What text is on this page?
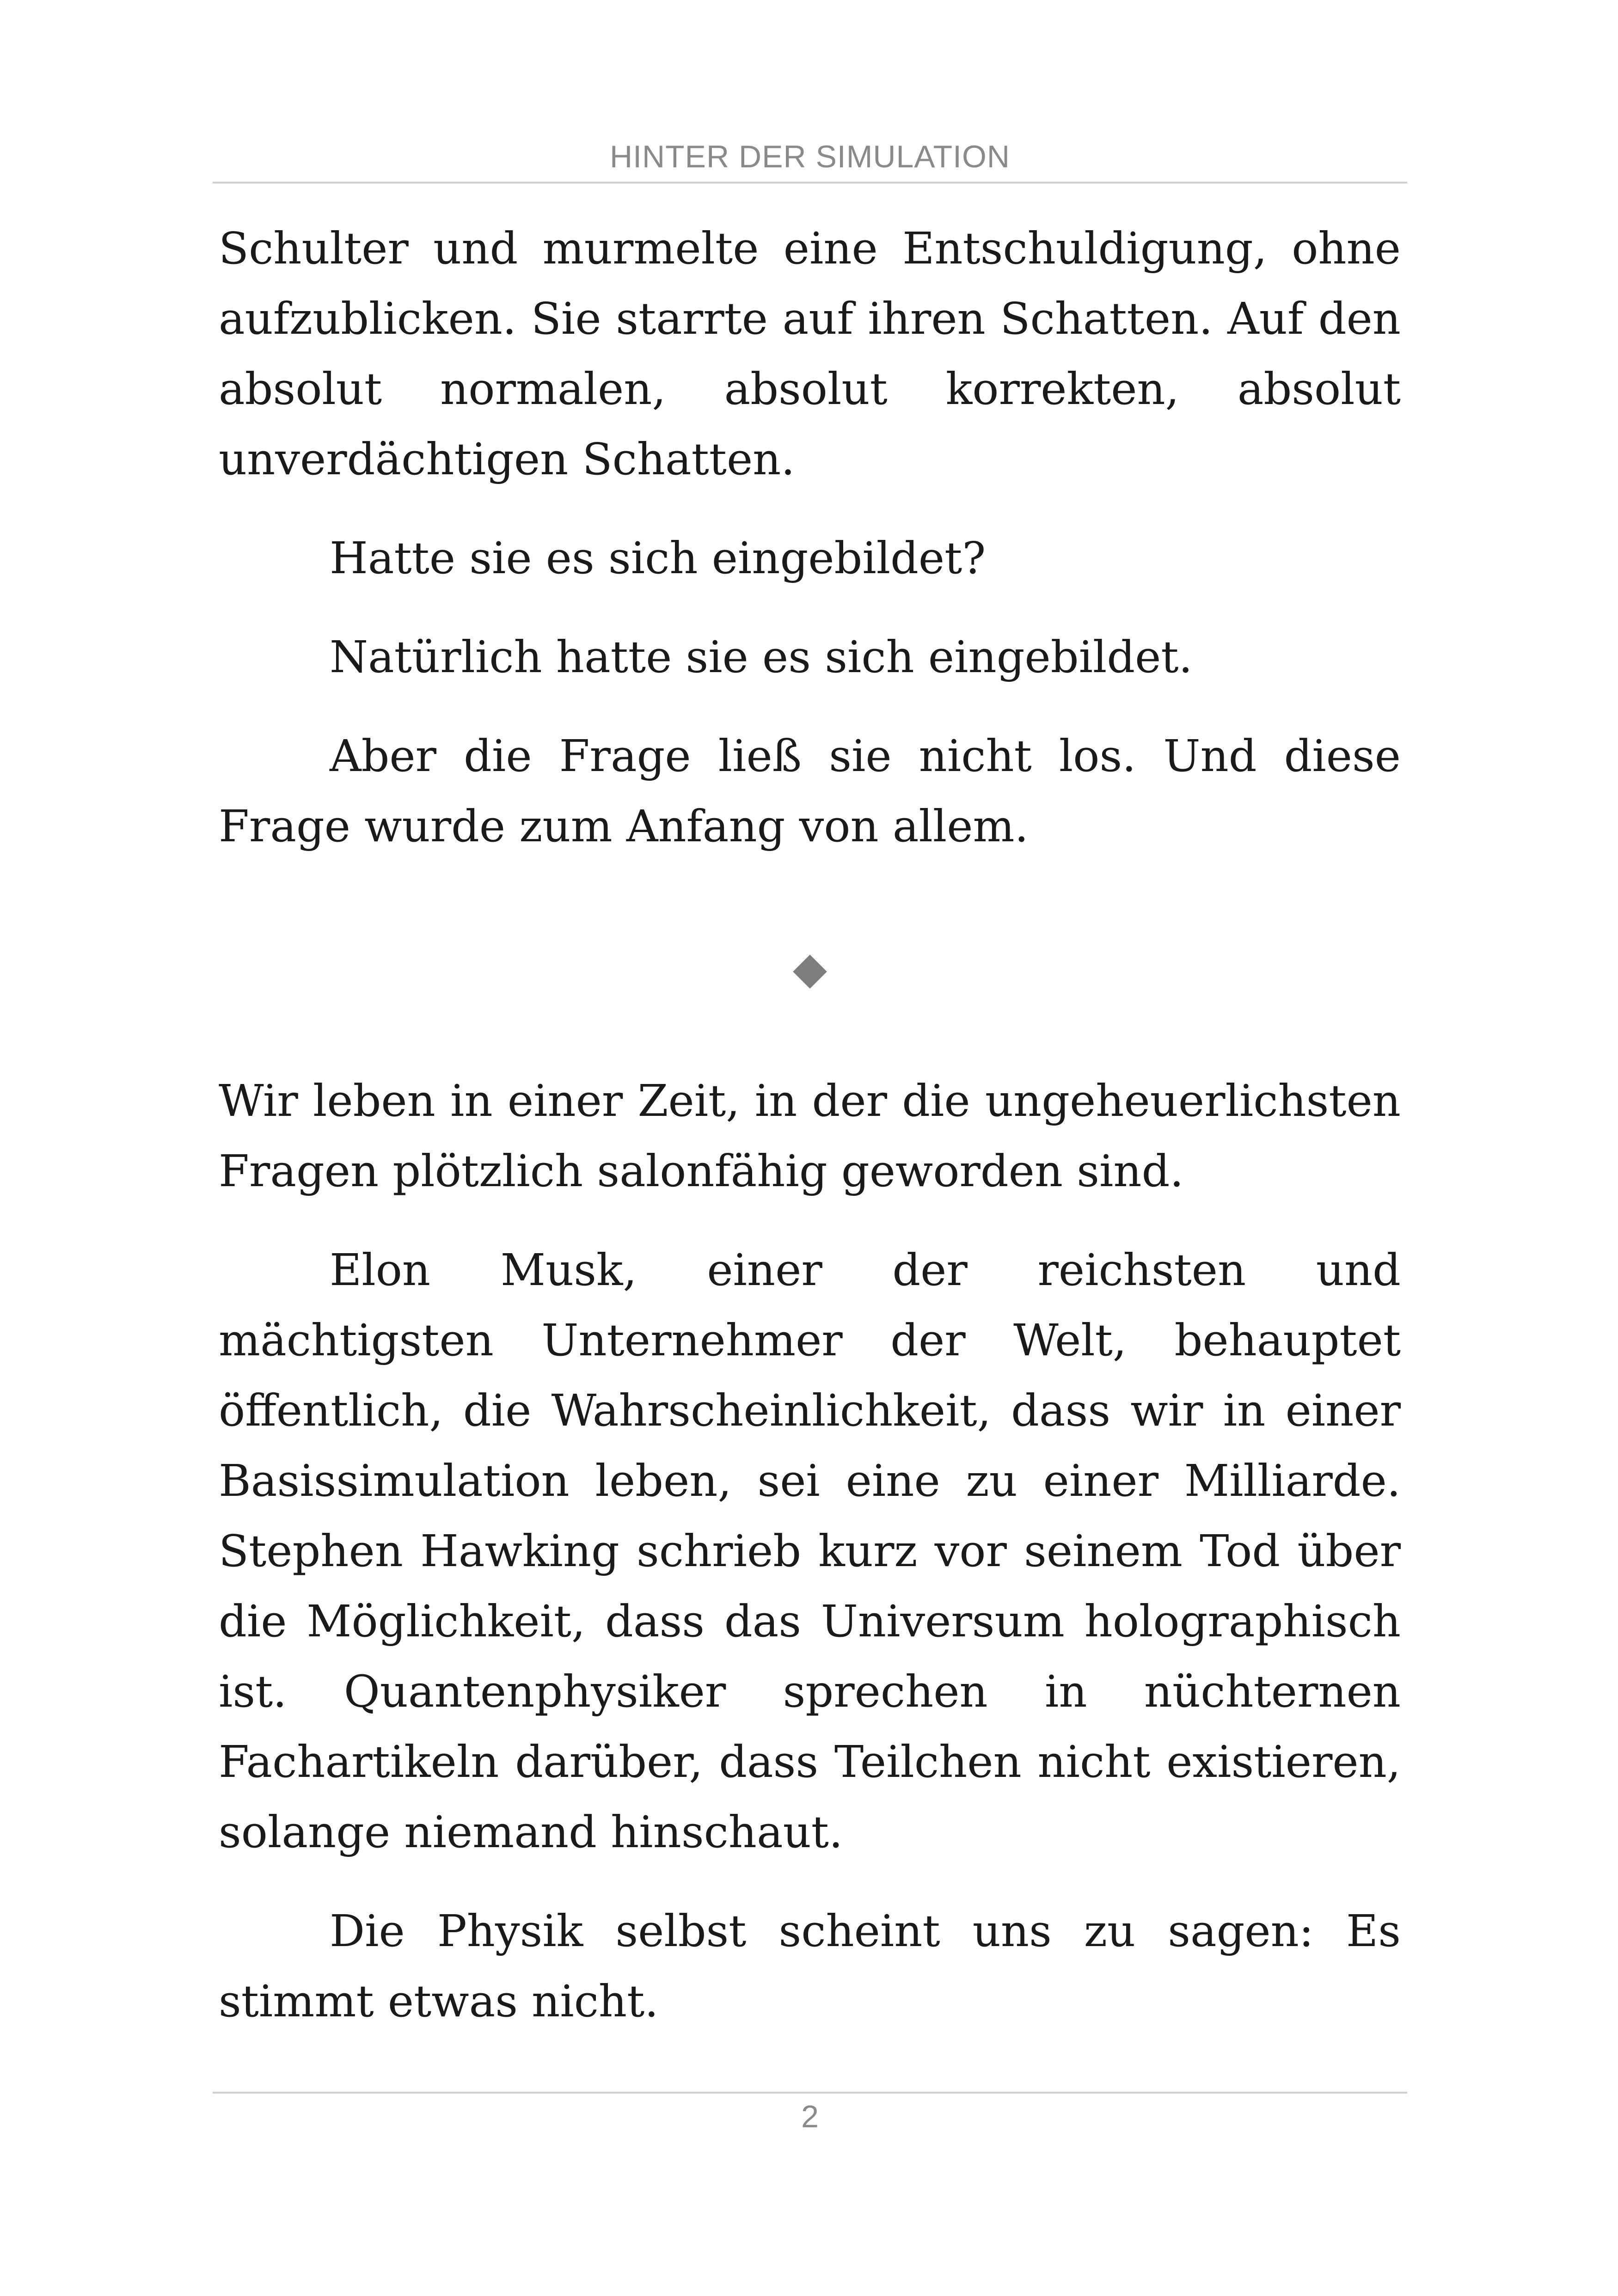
HINTER DER SIMULATION

Schulter und murmelte eine Entschuldigung, ohne aufzublicken. Sie starrte auf ihren Schatten. Auf den absolut normalen, absolut korrekten, absolut unverdächtigen Schatten.

Hatte sie es sich eingebildet?

Natürlich hatte sie es sich eingebildet.

Aber die Frage ließ sie nicht los. Und diese Frage wurde zum Anfang von allem.

Wir leben in einer Zeit, in der die ungeheuerlichsten Fragen plötzlich salonfähig geworden sind.

Elon Musk, einer der reichsten und mächtigsten Unternehmer der Welt, behauptet öffentlich, die Wahrscheinlichkeit, dass wir in einer Basissimulation leben, sei eine zu einer Milliarde. Stephen Hawking schrieb kurz vor seinem Tod über die Möglichkeit, dass das Universum holographisch ist. Quantenphysiker sprechen in nüchternen Fachartikeln darüber, dass Teilchen nicht existieren, solange niemand hinschaut.

Die Physik selbst scheint uns zu sagen: Es stimmt etwas nicht.

2
